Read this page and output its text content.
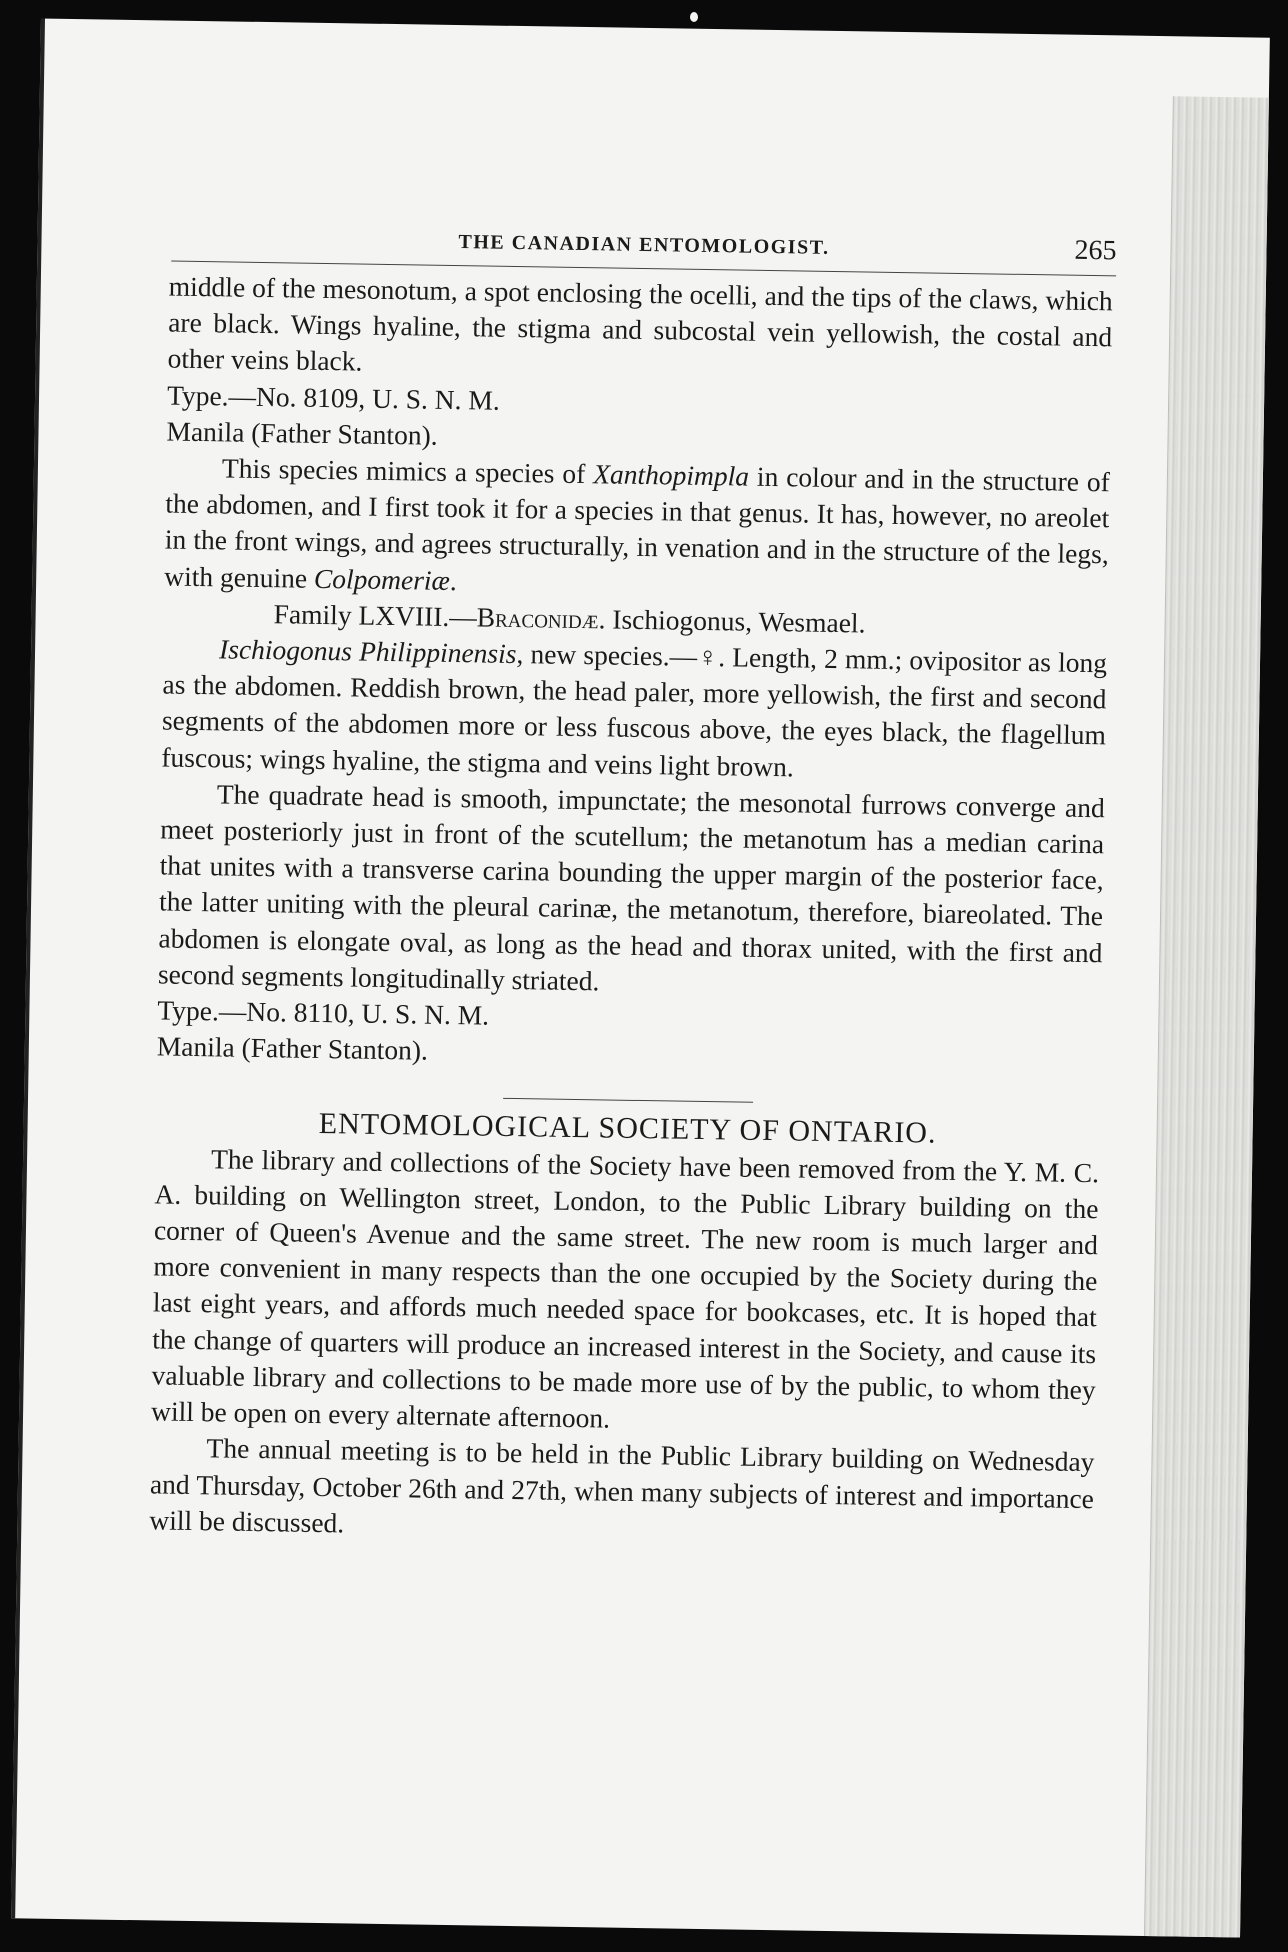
THE CANADIAN ENTOMOLOGIST.	265

middle of the mesonotum, a spot enclosing the ocelli, and the tips of the claws, which are black. Wings hyaline, the stigma and subcostal vein yellowish, the costal and other veins black.

Type.—No. 8109, U. S. N. M.

Manila (Father Stanton).

This species mimics a species of Xanthopimpla in colour and in the structure of the abdomen, and I first took it for a species in that genus. It has, however, no areolet in the front wings, and agrees structurally, in venation and in the structure of the legs, with genuine Colpomeriæ.

Family LXVIII.—Braconidæ. Ischiogonus, Wesmael.

Ischiogonus Philippinensis, new species.—♀. Length, 2 mm.; ovipositor as long as the abdomen. Reddish brown, the head paler, more yellowish, the first and second segments of the abdomen more or less fuscous above, the eyes black, the flagellum fuscous; wings hyaline, the stigma and veins light brown.

The quadrate head is smooth, impunctate; the mesonotal furrows converge and meet posteriorly just in front of the scutellum; the metanotum has a median carina that unites with a transverse carina bounding the upper margin of the posterior face, the latter uniting with the pleural carinæ, the metanotum, therefore, biareolated. The abdomen is elongate oval, as long as the head and thorax united, with the first and second segments longitudinally striated.

Type.—No. 8110, U. S. N. M.

Manila (Father Stanton).

ENTOMOLOGICAL SOCIETY OF ONTARIO.

The library and collections of the Society have been removed from the Y. M. C. A. building on Wellington street, London, to the Public Library building on the corner of Queen's Avenue and the same street. The new room is much larger and more convenient in many respects than the one occupied by the Society during the last eight years, and affords much needed space for bookcases, etc. It is hoped that the change of quarters will produce an increased interest in the Society, and cause its valuable library and collections to be made more use of by the public, to whom they will be open on every alternate afternoon.

The annual meeting is to be held in the Public Library building on Wednesday and Thursday, October 26th and 27th, when many subjects of interest and importance will be discussed.
